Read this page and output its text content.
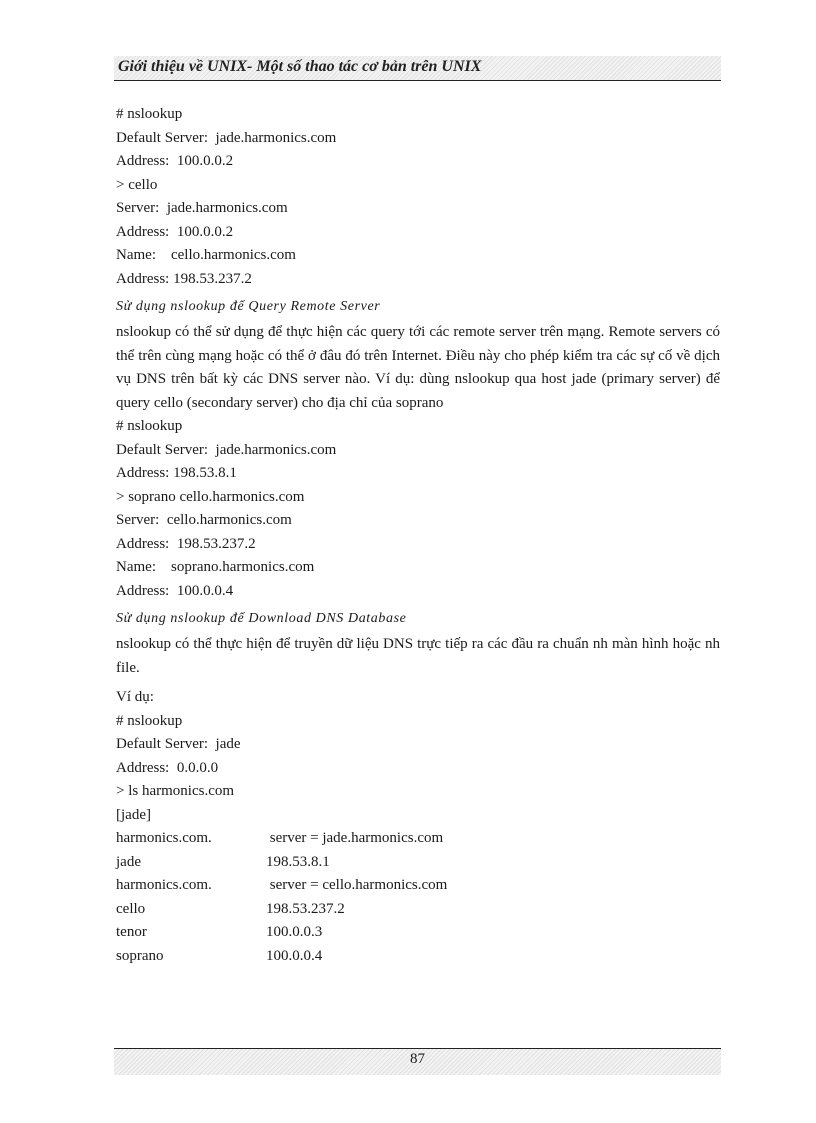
Giới thiệu về UNIX- Một số thao tác cơ bản trên UNIX
# nslookup
Default Server:  jade.harmonics.com
Address:  100.0.0.2
> cello
Server:  jade.harmonics.com
Address:  100.0.0.2
Name:    cello.harmonics.com
Address: 198.53.237.2
Sử dụng nslookup để Query Remote Server
nslookup có thể sử dụng để thực hiện các query tới các remote server trên mạng. Remote servers có thể trên cùng mạng hoặc có thể ở đâu đó trên Internet. Điều này cho phép kiểm tra các sự cố về dịch vụ DNS trên bất kỳ các DNS server nào. Ví dụ: dùng nslookup qua host jade (primary server) để query cello (secondary server) cho địa chỉ của soprano
# nslookup
Default Server:  jade.harmonics.com
Address: 198.53.8.1
> soprano cello.harmonics.com
Server:  cello.harmonics.com
Address:  198.53.237.2
Name:    soprano.harmonics.com
Address:  100.0.0.4
Sử dụng nslookup để Download DNS Database
nslookup có thể thực hiện để truyền dữ liệu DNS trực tiếp ra các đầu ra chuẩn nh màn hình hoặc nh    file.
Ví dụ:
# nslookup
Default Server:  jade
Address:  0.0.0.0
> ls harmonics.com
[jade]
harmonics.com.	server = jade.harmonics.com
jade	198.53.8.1
harmonics.com.	server = cello.harmonics.com
cello	198.53.237.2
tenor	100.0.0.3
soprano	100.0.0.4
87
